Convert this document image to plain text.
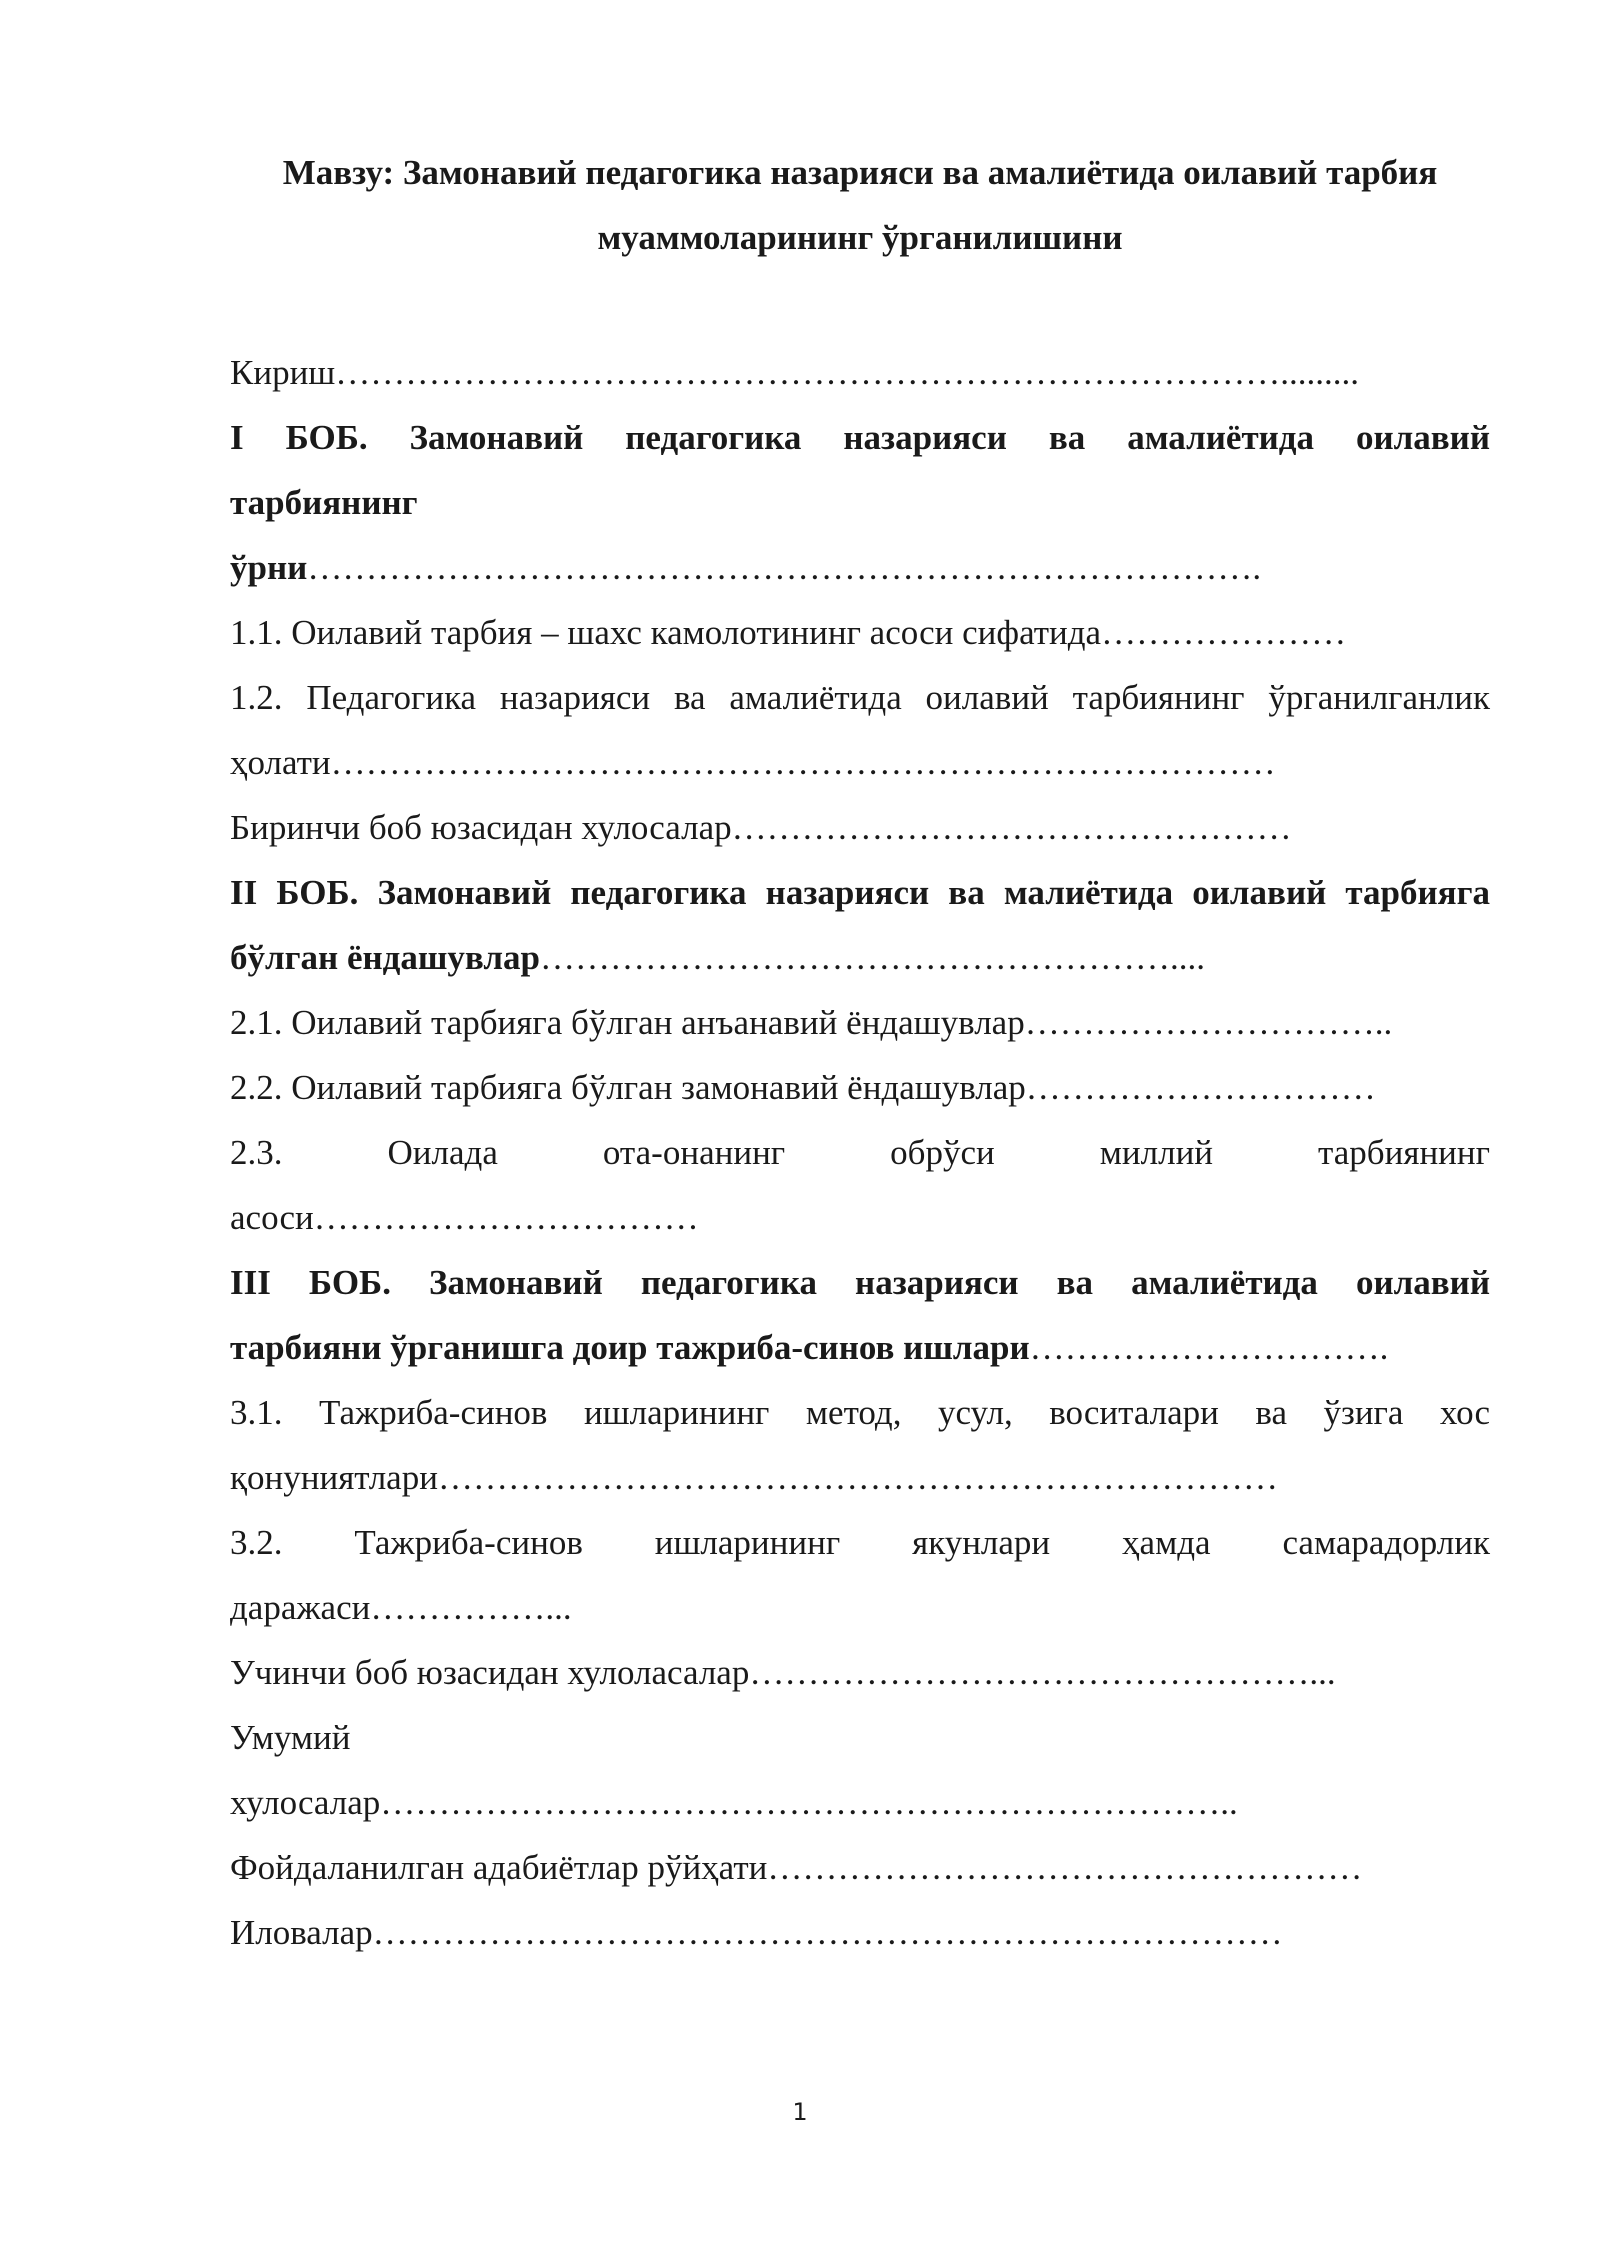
Мавзу: Замонавий педагогика назарияси ва амалиётида оилавий тарбия
муаммоларининг ўрганилишини
Кириш……………………………………………………………………….........
I БОБ. Замонавий педагогика назарияси ва амалиётида оилавий
тарбиянинг
ўрни……………………………………………………………………….
1.1. Оилавий тарбия – шахс камолотининг асоси сифатида…………………
1.2. Педагогика назарияси ва амалиётида оилавий тарбиянинг ўрганилганлик
ҳолати………………………………………………………………………
Биринчи боб юзасидан хулосалар…………………………………………
II БОБ. Замонавий педагогика назарияси ва малиётида оилавий тарбияга
бўлган ёндашувлар………………………………………………....
2.1. Оилавий тарбияга бўлган анъанавий ёндашувлар…………………………..
2.2. Оилавий тарбияга бўлган замонавий ёндашувлар…………………………
2.3. Оилада ота-онанинг обрўси миллий тарбиянинг
асоси……………………………
III БОБ. Замонавий педагогика назарияси ва амалиётида оилавий
тарбияни ўрганишга доир тажриба-синов ишлари………………………….
3.1. Тажриба-синов ишларининг метод, усул, воситалари ва ўзига хос
қонуниятлари………………………………………………………………
3.2. Тажриба-синов ишларининг якунлари ҳамда самарадорлик
даражаси……………...
Учинчи боб юзасидан хулоласалар…………………………………………...
Умумий
хулосалар………………………………………………………………..
Фойдаланилган адабиётлар рўйҳати……………………………………………
Иловалар……………………………………………………………………
1
